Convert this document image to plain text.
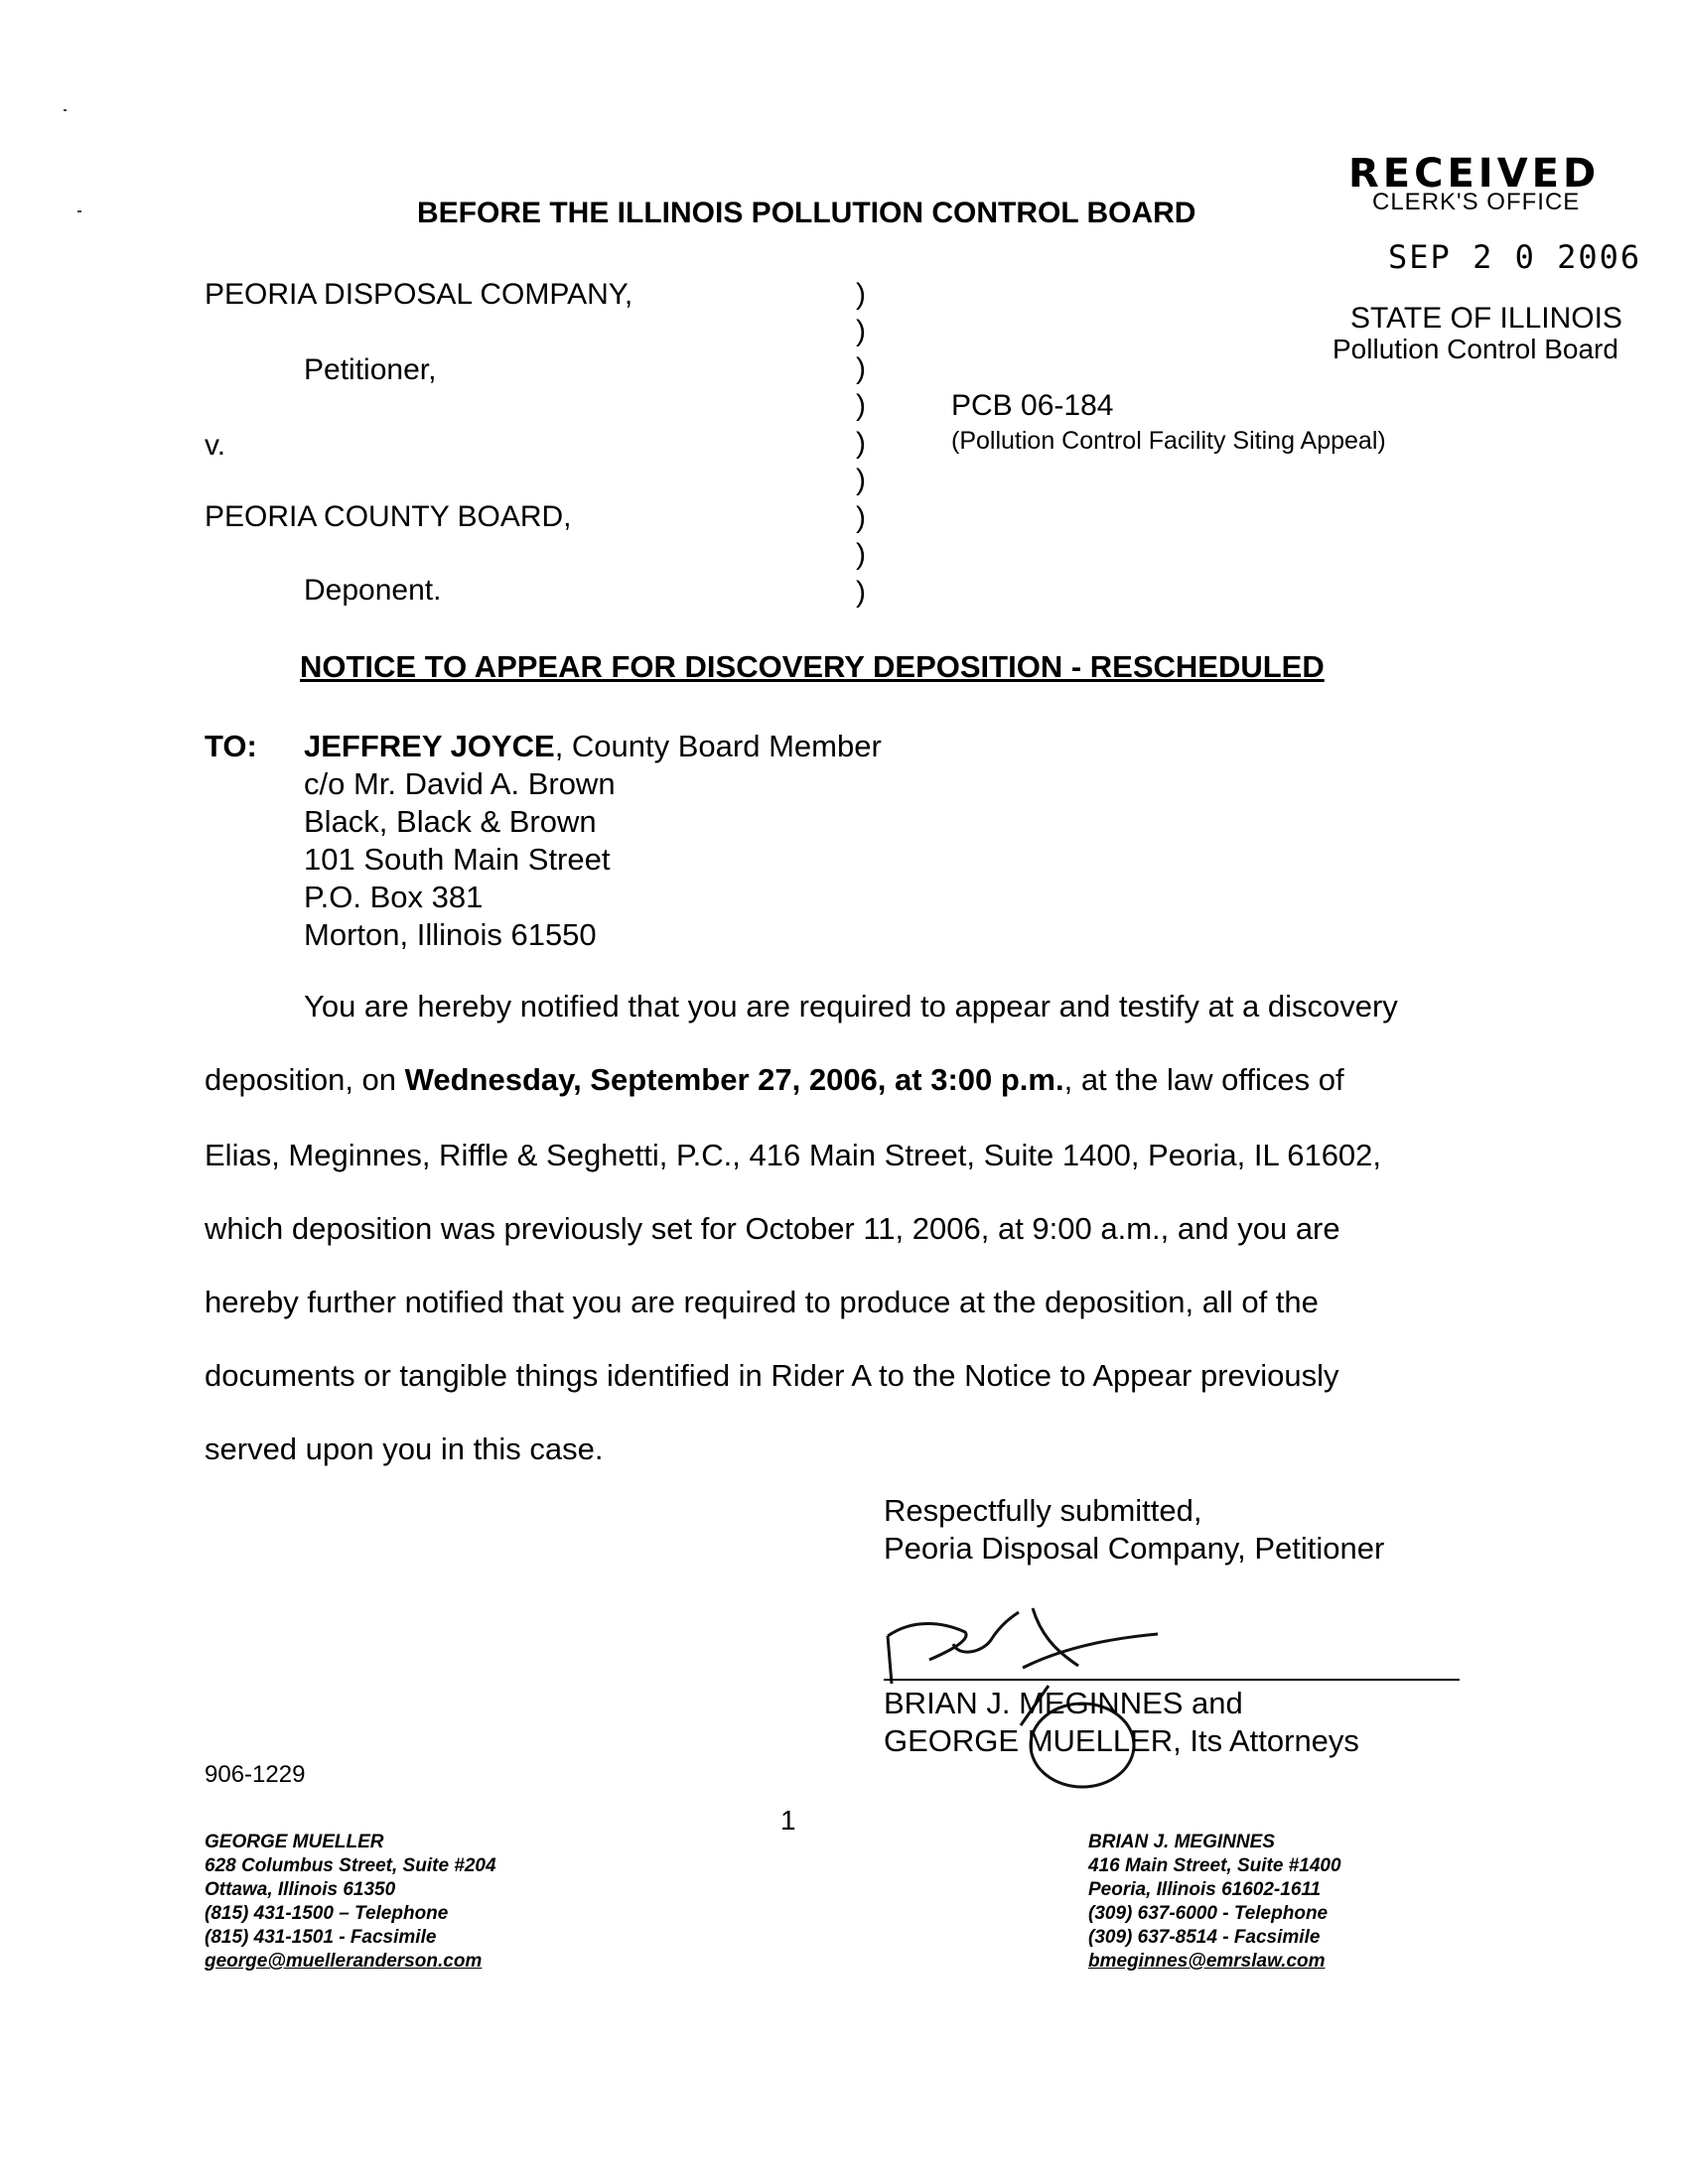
RECEIVED
CLERK'S OFFICE
SEP 2 0 2006
STATE OF ILLINOIS
Pollution Control Board
BEFORE THE ILLINOIS POLLUTION CONTROL BOARD
PEORIA DISPOSAL COMPANY,
Petitioner,
v.
PEORIA COUNTY BOARD,
Deponent.
)
)
)
)
)
)
)
)
)
PCB 06-184
(Pollution Control Facility Siting Appeal)
NOTICE TO APPEAR FOR DISCOVERY DEPOSITION - RESCHEDULED
TO: JEFFREY JOYCE, County Board Member
c/o Mr. David A. Brown
Black, Black & Brown
101 South Main Street
P.O. Box 381
Morton, Illinois 61550
You are hereby notified that you are required to appear and testify at a discovery
deposition, on Wednesday, September 27, 2006, at 3:00 p.m., at the law offices of
Elias, Meginnes, Riffle & Seghetti, P.C., 416 Main Street, Suite 1400, Peoria, IL 61602,
which deposition was previously set for October 11, 2006, at 9:00 a.m., and you are
hereby further notified that you are required to produce at the deposition, all of the
documents or tangible things identified in Rider A to the Notice to Appear previously
served upon you in this case.
Respectfully submitted,
Peoria Disposal Company, Petitioner
BRIAN J. MEGINNES and
GEORGE MUELLER, Its Attorneys
906-1229
1
GEORGE MUELLER
628 Columbus Street, Suite #204
Ottawa, Illinois 61350
(815) 431-1500 – Telephone
(815) 431-1501 - Facsimile
george@muelleranderson.com
BRIAN J. MEGINNES
416 Main Street, Suite #1400
Peoria, Illinois 61602-1611
(309) 637-6000 - Telephone
(309) 637-8514 - Facsimile
bmeginnes@emrslaw.com
